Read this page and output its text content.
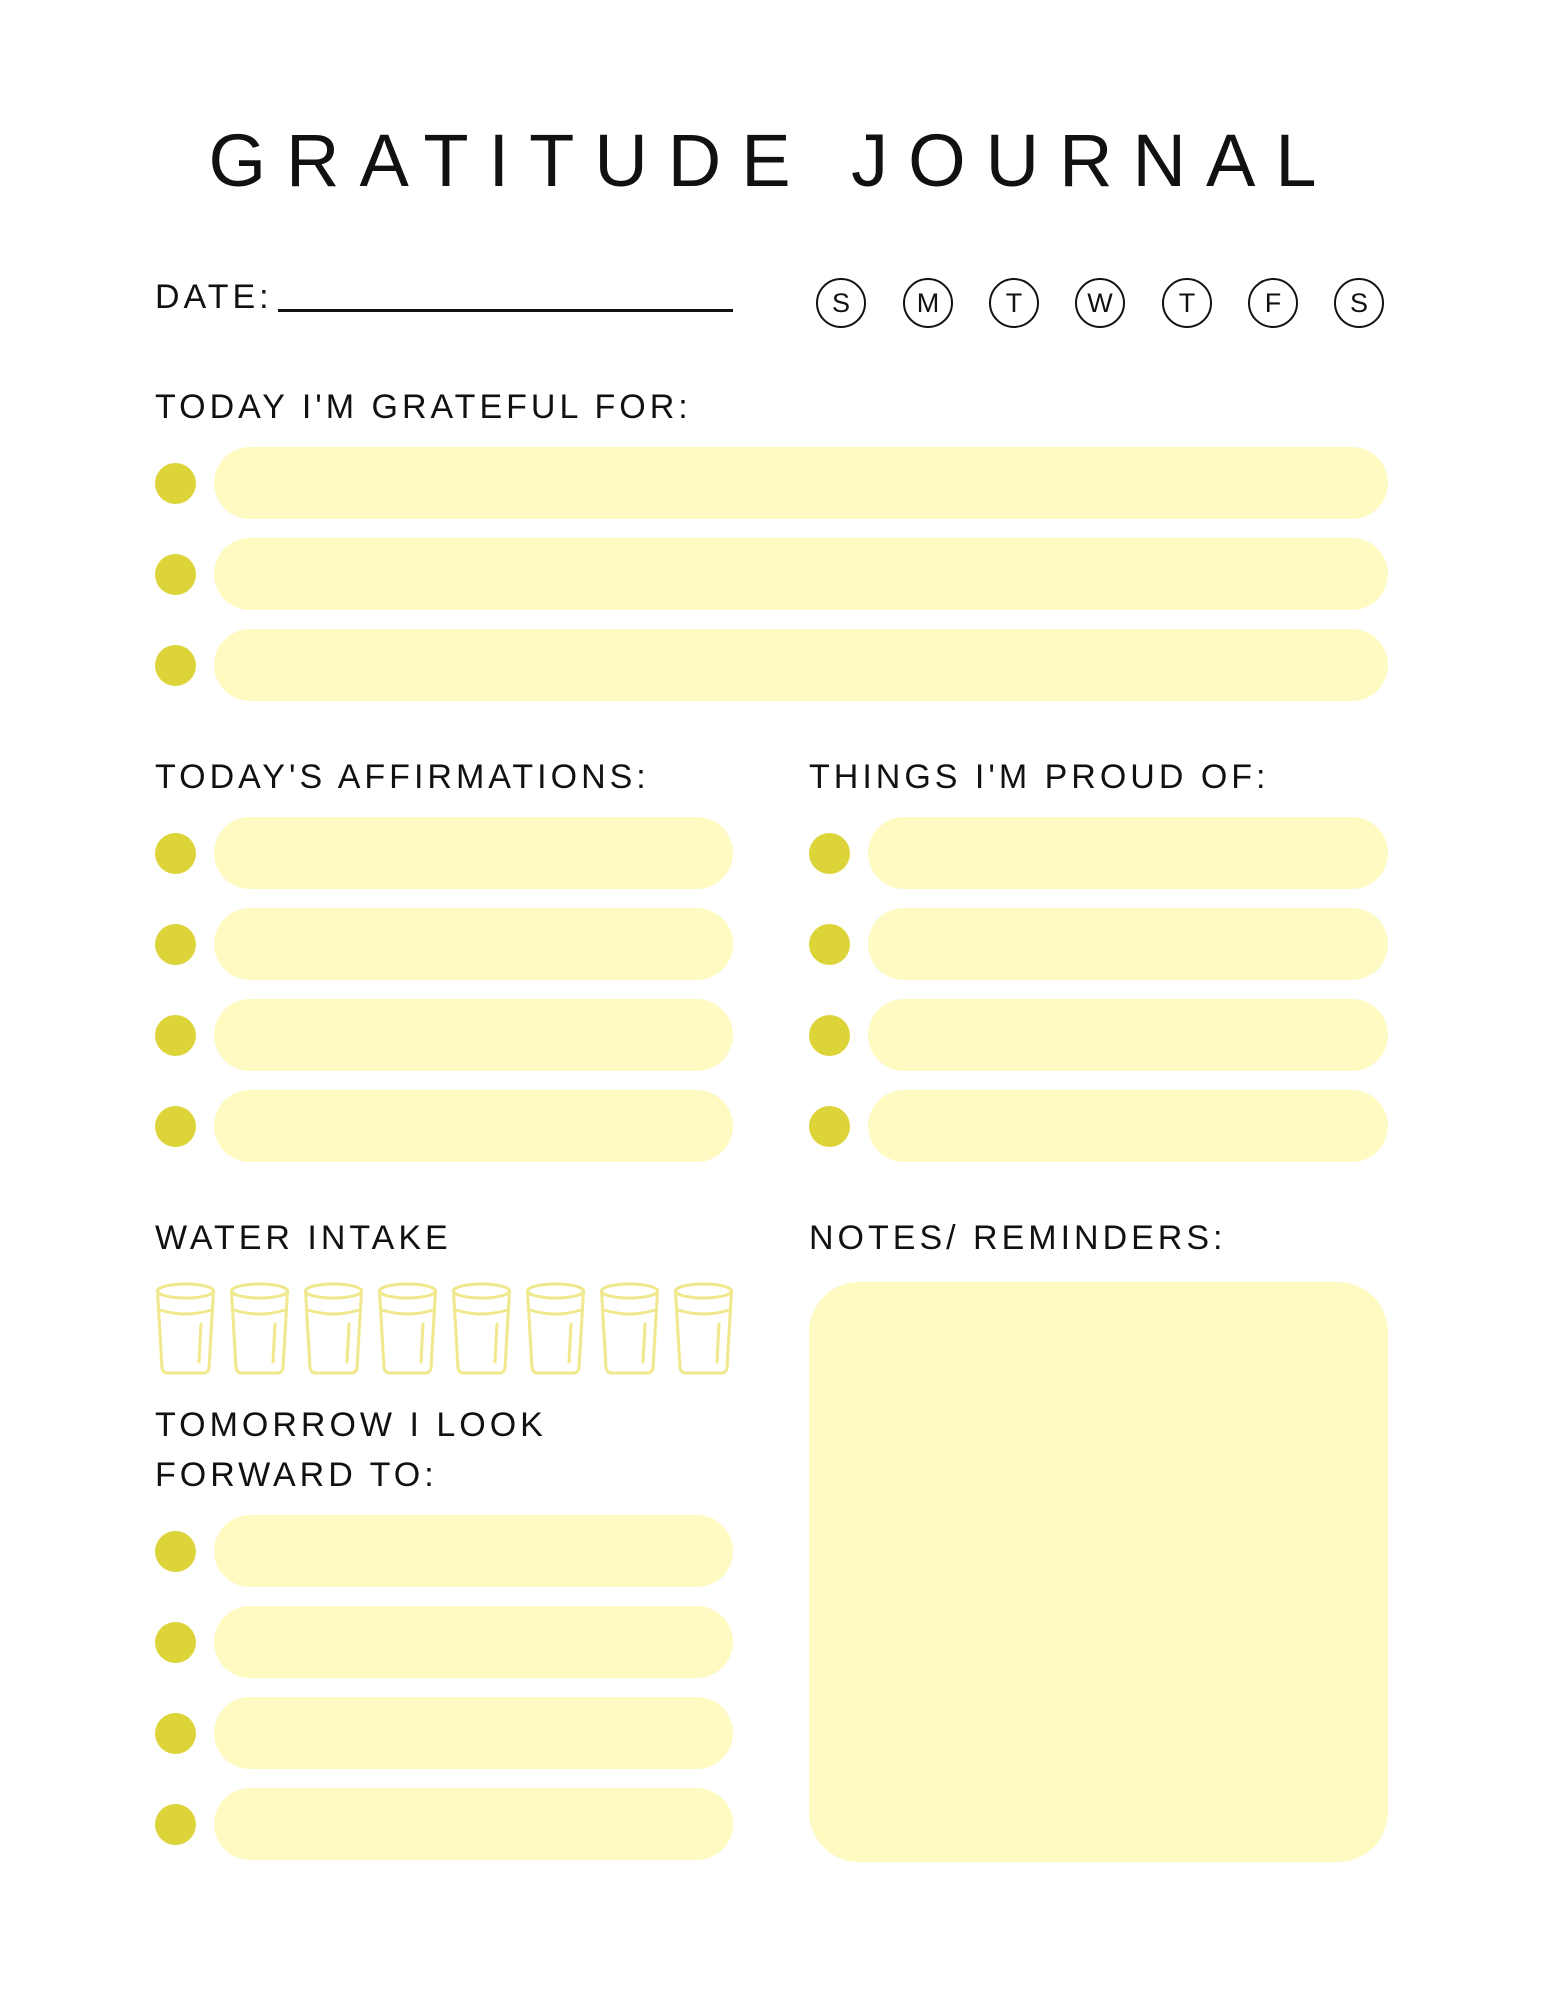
GRATITUDE JOURNAL
DATE:	S	M	T	W	T	F	S
TODAY I'M GRATEFUL FOR:
TODAY'S AFFIRMATIONS:	THINGS I'M PROUD OF:
WATER INTAKE
TOMORROW I LOOK
FORWARD TO:
NOTES/ REMINDERS:
